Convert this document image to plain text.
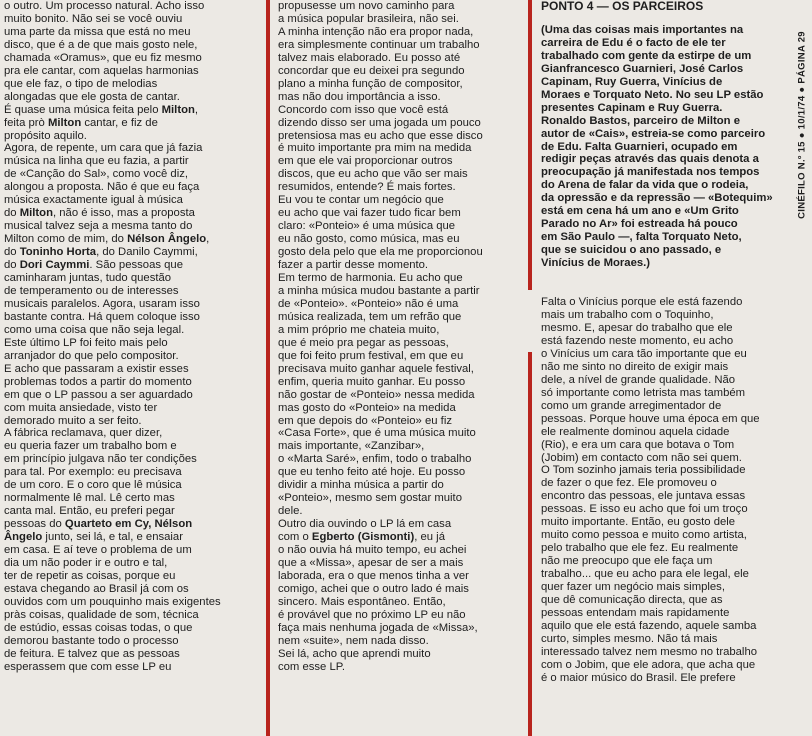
o outro. Um processo natural. Acho isso

muito bonito. Não sei se você ouviu

uma parte da missa que está no meu

disco, que é a de que mais gosto nele,

chamada «Oramus», que eu fiz mesmo

pra ele cantar, com aquelas harmonias

que ele faz, o tipo de melodias

alongadas que ele gosta de cantar.

É quase uma música feita pelo Milton,

feita prò Milton cantar, e fiz de

propósito aquilo.

Agora, de repente, um cara que já fazia

música na linha que eu fazia, a partir

de «Canção do Sal», como você diz,

alongou a proposta. Não é que eu faça

música exactamente igual à música

do Milton, não é isso, mas a proposta

musical talvez seja a mesma tanto do

Milton como de mim, do Nélson Ângelo,

do Toninho Horta, do Danilo Caymmi,

do Dori Caymmi. São pessoas que

caminharam juntas, tudo questão

de temperamento ou de interesses

musicais paralelos. Agora, usaram isso

bastante contra. Há quem coloque isso

como uma coisa que não seja legal.

Este último LP foi feito mais pelo

arranjador do que pelo compositor.

E acho que passaram a existir esses

problemas todos a partir do momento

em que o LP passou a ser aguardado

com muita ansiedade, visto ter

demorado muito a ser feito.

A fábrica reclamava, quer dizer,

eu queria fazer um trabalho bom e

em princípio julgava não ter condições

para tal. Por exemplo: eu precisava

de um coro. E o coro que lê música

normalmente lê mal. Lê certo mas

canta mal. Então, eu preferi pegar

pessoas do Quarteto em Cy, Nélson

Ângelo junto, sei lá, e tal, e ensaiar

em casa. E aí teve o problema de um

dia um não poder ir e outro e tal,

ter de repetir as coisas, porque eu

estava chegando ao Brasil já com os

ouvidos com um pouquinho mais exigentes

pràs coisas, qualidade de som, técnica

de estúdio, essas coisas todas, o que

demorou bastante todo o processo

de feitura. E talvez que as pessoas

esperassem que com esse LP eu

propusesse um novo caminho para

a música popular brasileira, não sei.

A minha intenção não era propor nada,

era simplesmente continuar um trabalho

talvez mais elaborado. Eu posso até

concordar que eu deixei pra segundo

plano a minha função de compositor,

mas não dou importância a isso.

Concordo com isso que você está

dizendo disso ser uma jogada um pouco

pretensiosa mas eu acho que esse disco

é muito importante pra mim na medida

em que ele vai proporcionar outros

discos, que eu acho que vão ser mais

resumidos, entende? É mais fortes.

Eu vou te contar um negócio que

eu acho que vai fazer tudo ficar bem

claro: «Ponteio» é uma música que

eu não gosto, como música, mas eu

gosto dela pelo que ela me proporcionou

fazer a partir desse momento.

Em termo de harmonia. Eu acho que

a minha música mudou bastante a partir

de «Ponteio». «Ponteio» não é uma

música realizada, tem um refrão que

a mim próprio me chateia muito,

que é meio pra pegar as pessoas,

que foi feito prum festival, em que eu

precisava muito ganhar aquele festival,

enfim, queria muito ganhar. Eu posso

não gostar de «Ponteio» nessa medida

mas gosto do «Ponteio» na medida

em que depois do «Ponteio» eu fiz

«Casa Forte», que é uma música muito

mais importante, «Zanzibar»,

o «Marta Saré», enfim, todo o trabalho

que eu tenho feito até hoje. Eu posso

dividir a minha música a partir do

«Ponteio», mesmo sem gostar muito

dele.

Outro dia ouvindo o LP lá em casa

com o Egberto (Gismonti), eu já

o não ouvia há muito tempo, eu achei

que a «Missa», apesar de ser a mais

laborada, era o que menos tinha a ver

comigo, achei que o outro lado é mais

sincero. Mais espontâneo. Então,

é provável que no próximo LP eu não

faça mais nenhuma jogada de «Missa»,

nem «suite», nem nada disso.

Sei lá, acho que aprendi muito

com esse LP.

PONTO 4 — OS PARCEIROS

(Uma das coisas mais importantes na

carreira de Edu é o facto de ele ter

trabalhado com gente da estirpe de um

Gianfrancesco Guarnieri, José Carlos

Capinam, Ruy Guerra, Vinícius de

Moraes e Torquato Neto. No seu LP estão

presentes Capinam e Ruy Guerra.

Ronaldo Bastos, parceiro de Milton e

autor de «Cais», estreia-se como parceiro

de Edu. Falta Guarnieri, ocupado em

redigir peças através das quais denota a

preocupação já manifestada nos tempos

do Arena de falar da vida que o rodeia,

da opressão e da repressão — «Botequim»

está em cena há um ano e «Um Grito

Parado no Ar» foi estreada há pouco

em São Paulo —, falta Torquato Neto,

que se suicidou o ano passado, e

Vinícius de Moraes.)

Falta o Vinícius porque ele está fazendo

mais um trabalho com o Toquinho,

mesmo. E, apesar do trabalho que ele

está fazendo neste momento, eu acho

o Vinícius um cara tão importante que eu

não me sinto no direito de exigir mais

dele, a nível de grande qualidade. Não

só importante como letrista mas também

como um grande arregimentador de

pessoas. Porque houve uma época em que

ele realmente dominou aquela cidade

(Rio), e era um cara que botava o Tom

(Jobim) em contacto com não sei quem.

O Tom sozinho jamais teria possibilidade

de fazer o que fez. Ele promoveu o

encontro das pessoas, ele juntava essas

pessoas. E isso eu acho que foi um troço

muito importante. Então, eu gosto dele

muito como pessoa e muito como artista,

pelo trabalho que ele fez. Eu realmente

não me preocupo que ele faça um

trabalho... que eu acho para ele legal, ele

quer fazer um negócio mais simples,

que dê comunicação directa, que as

pessoas entendam mais rapidamente

aquilo que ele está fazendo, aquele samba

curto, simples mesmo. Não tá mais

interessado talvez nem mesmo no trabalho

com o Jobim, que ele adora, que acha que

é o maior músico do Brasil. Ele prefere

CINÉFILO N.º 15 ● 10/1/74 ● PÁGINA 29
